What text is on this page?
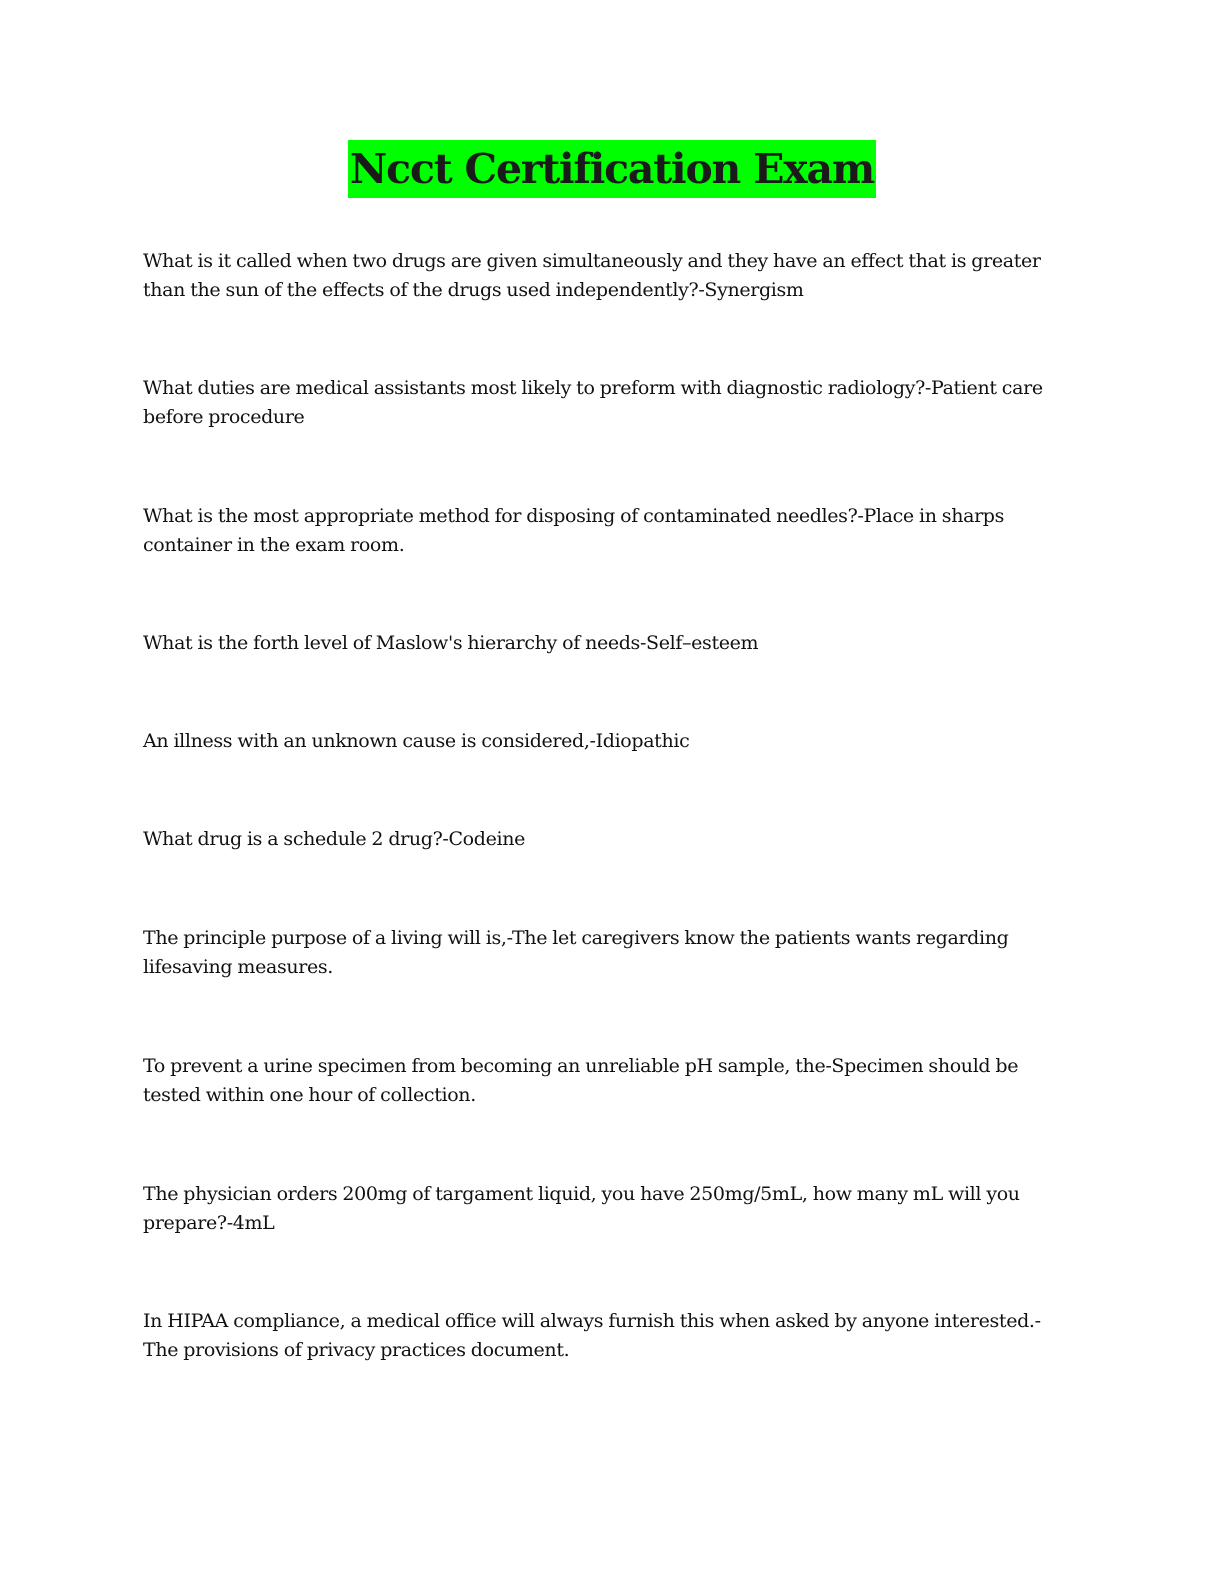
Ncct Certification Exam

What is it called when two drugs are given simultaneously and they have an effect that is greater than the sun of the effects of the drugs used independently?-Synergism

What duties are medical assistants most likely to preform with diagnostic radiology?-Patient care before procedure

What is the most appropriate method for disposing of contaminated needles?-Place in sharps container in the exam room.

What is the forth level of Maslow's hierarchy of needs-Self–esteem

An illness with an unknown cause is considered,-Idiopathic

What drug is a schedule 2 drug?-Codeine

The principle purpose of a living will is,-The let caregivers know the patients wants regarding lifesaving measures.

To prevent a urine specimen from becoming an unreliable pH sample, the-Specimen should be tested within one hour of collection.

The physician orders 200mg of targament liquid, you have 250mg/5mL, how many mL will you prepare?-4mL

In HIPAA compliance, a medical office will always furnish this when asked by anyone interested.-The provisions of privacy practices document.
